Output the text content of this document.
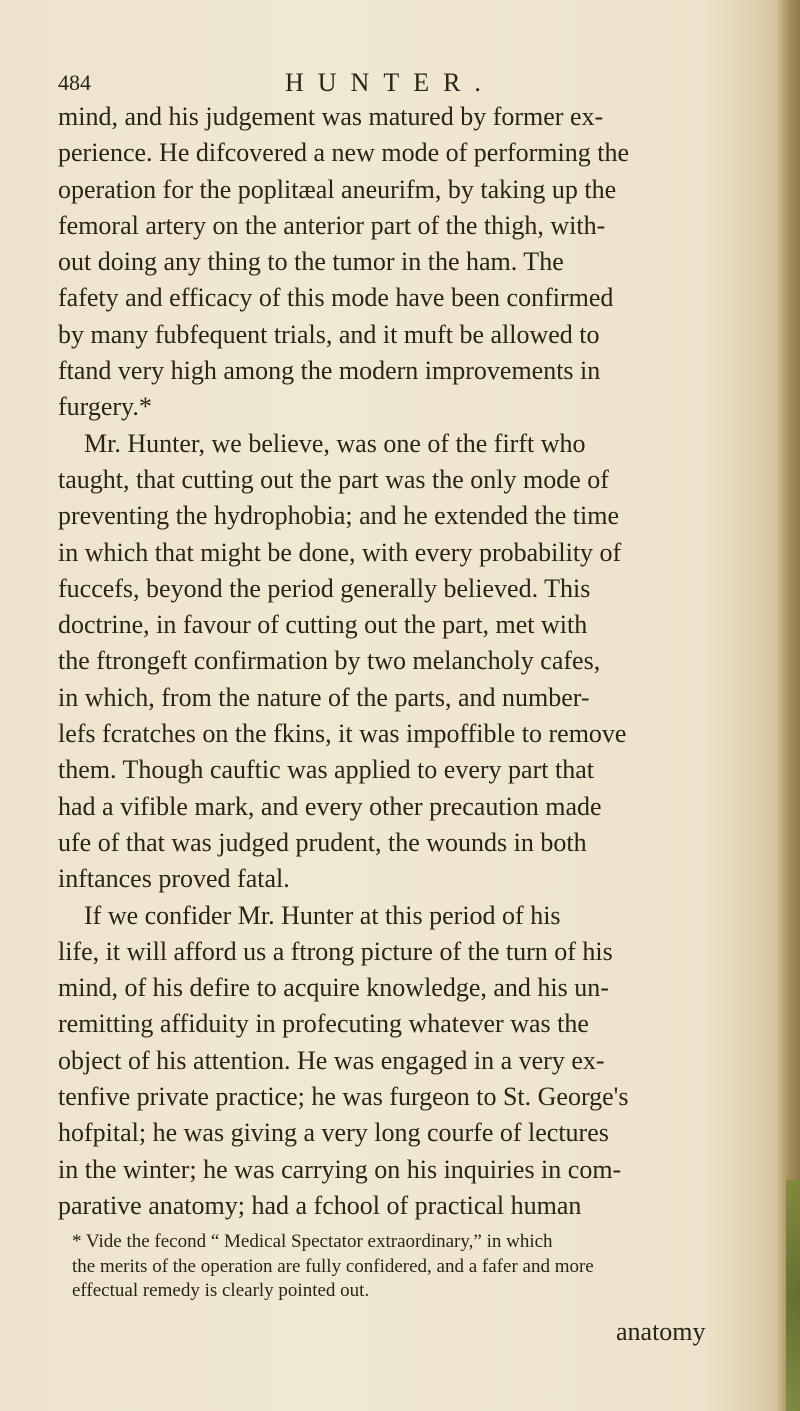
484	HUNTER.
mind, and his judgement was matured by former ex-
perience. He difcovered a new mode of performing the
operation for the poplitæal aneurifm, by taking up the
femoral artery on the anterior part of the thigh, with-
out doing any thing to the tumor in the ham. The
fafety and efficacy of this mode have been confirmed
by many fubfequent trials, and it muft be allowed to
ftand very high among the modern improvements in
furgery.*
Mr. Hunter, we believe, was one of the firft who
taught, that cutting out the part was the only mode of
preventing the hydrophobia; and he extended the time
in which that might be done, with every probability of
fuccefs, beyond the period generally believed. This
doctrine, in favour of cutting out the part, met with
the ftrongeft confirmation by two melancholy cafes,
in which, from the nature of the parts, and number-
lefs fcratches on the fkins, it was impoffible to remove
them. Though cauftic was applied to every part that
had a vifible mark, and every other precaution made
ufe of that was judged prudent, the wounds in both
inftances proved fatal.
If we confider Mr. Hunter at this period of his
life, it will afford us a ftrong picture of the turn of his
mind, of his defire to acquire knowledge, and his un-
remitting affiduity in profecuting whatever was the
object of his attention. He was engaged in a very ex-
tenfive private practice; he was furgeon to St. George's
hofpital; he was giving a very long courfe of lectures
in the winter; he was carrying on his inquiries in com-
parative anatomy; had a fchool of practical human
* Vide the fecond “ Medical Spectator extraordinary,” in which
the merits of the operation are fully confidered, and a fafer and more
effectual remedy is clearly pointed out.
anatomy
